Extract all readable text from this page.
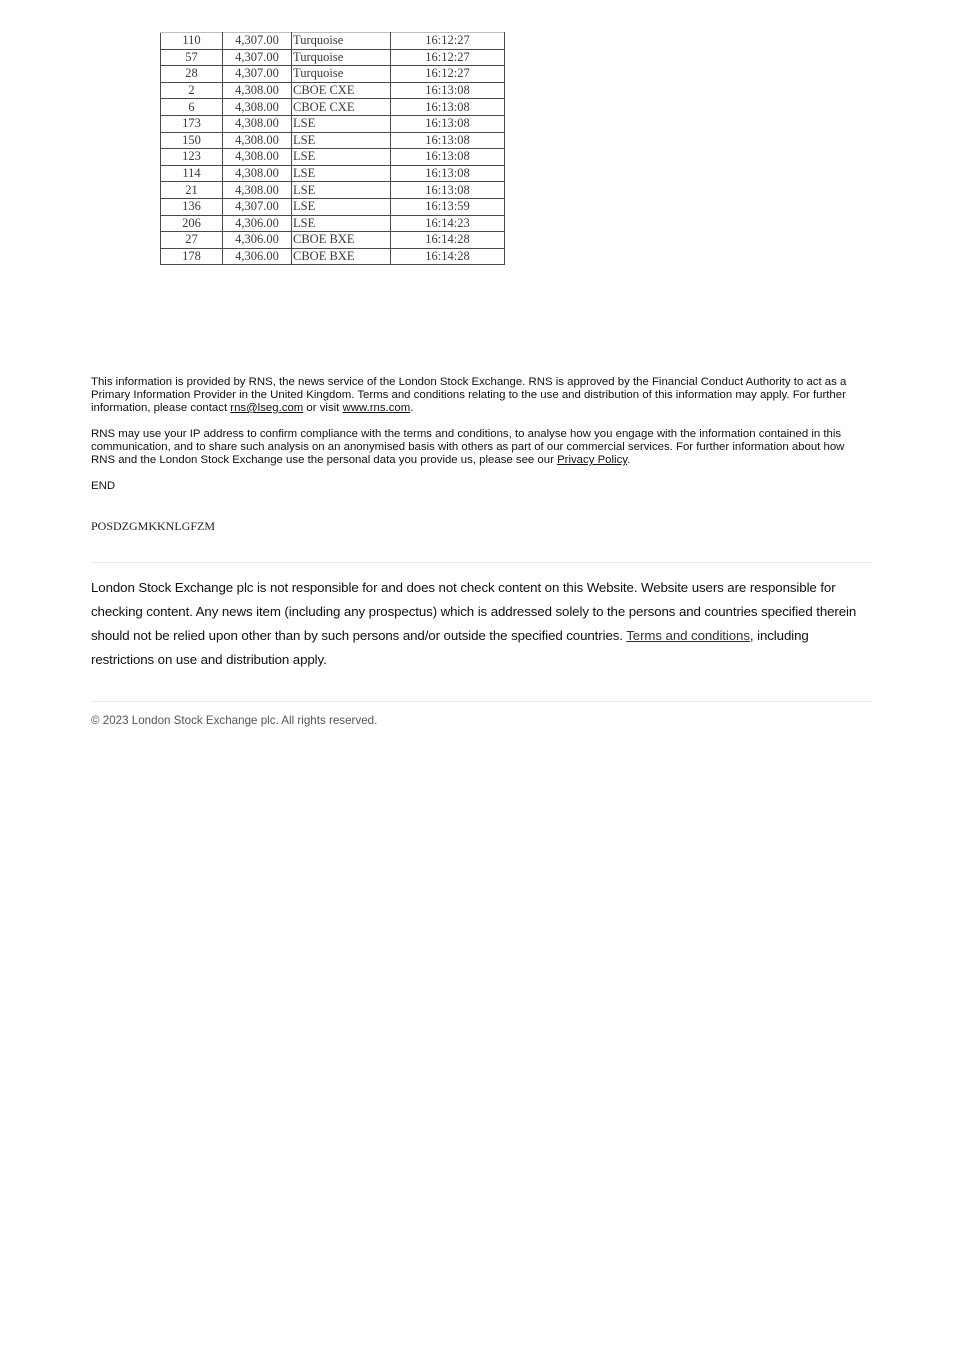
110	4,307.00	Turquoise	16:12:27
57	4,307.00	Turquoise	16:12:27
28	4,307.00	Turquoise	16:12:27
2	4,308.00	CBOE CXE	16:13:08
6	4,308.00	CBOE CXE	16:13:08
173	4,308.00	LSE	16:13:08
150	4,308.00	LSE	16:13:08
123	4,308.00	LSE	16:13:08
114	4,308.00	LSE	16:13:08
21	4,308.00	LSE	16:13:08
136	4,307.00	LSE	16:13:59
206	4,306.00	LSE	16:14:23
27	4,306.00	CBOE BXE	16:14:28
178	4,306.00	CBOE BXE	16:14:28
This information is provided by RNS, the news service of the London Stock Exchange. RNS is approved by the Financial Conduct Authority to act as a Primary Information Provider in the United Kingdom. Terms and conditions relating to the use and distribution of this information may apply. For further information, please contact rns@lseg.com or visit www.rns.com.
RNS may use your IP address to confirm compliance with the terms and conditions, to analyse how you engage with the information contained in this communication, and to share such analysis on an anonymised basis with others as part of our commercial services. For further information about how RNS and the London Stock Exchange use the personal data you provide us, please see our Privacy Policy.
END
POSDZGMKKNLGFZM
London Stock Exchange plc is not responsible for and does not check content on this Website. Website users are responsible for checking content. Any news item (including any prospectus) which is addressed solely to the persons and countries specified therein should not be relied upon other than by such persons and/or outside the specified countries. Terms and conditions, including restrictions on use and distribution apply.
© 2023 London Stock Exchange plc. All rights reserved.
